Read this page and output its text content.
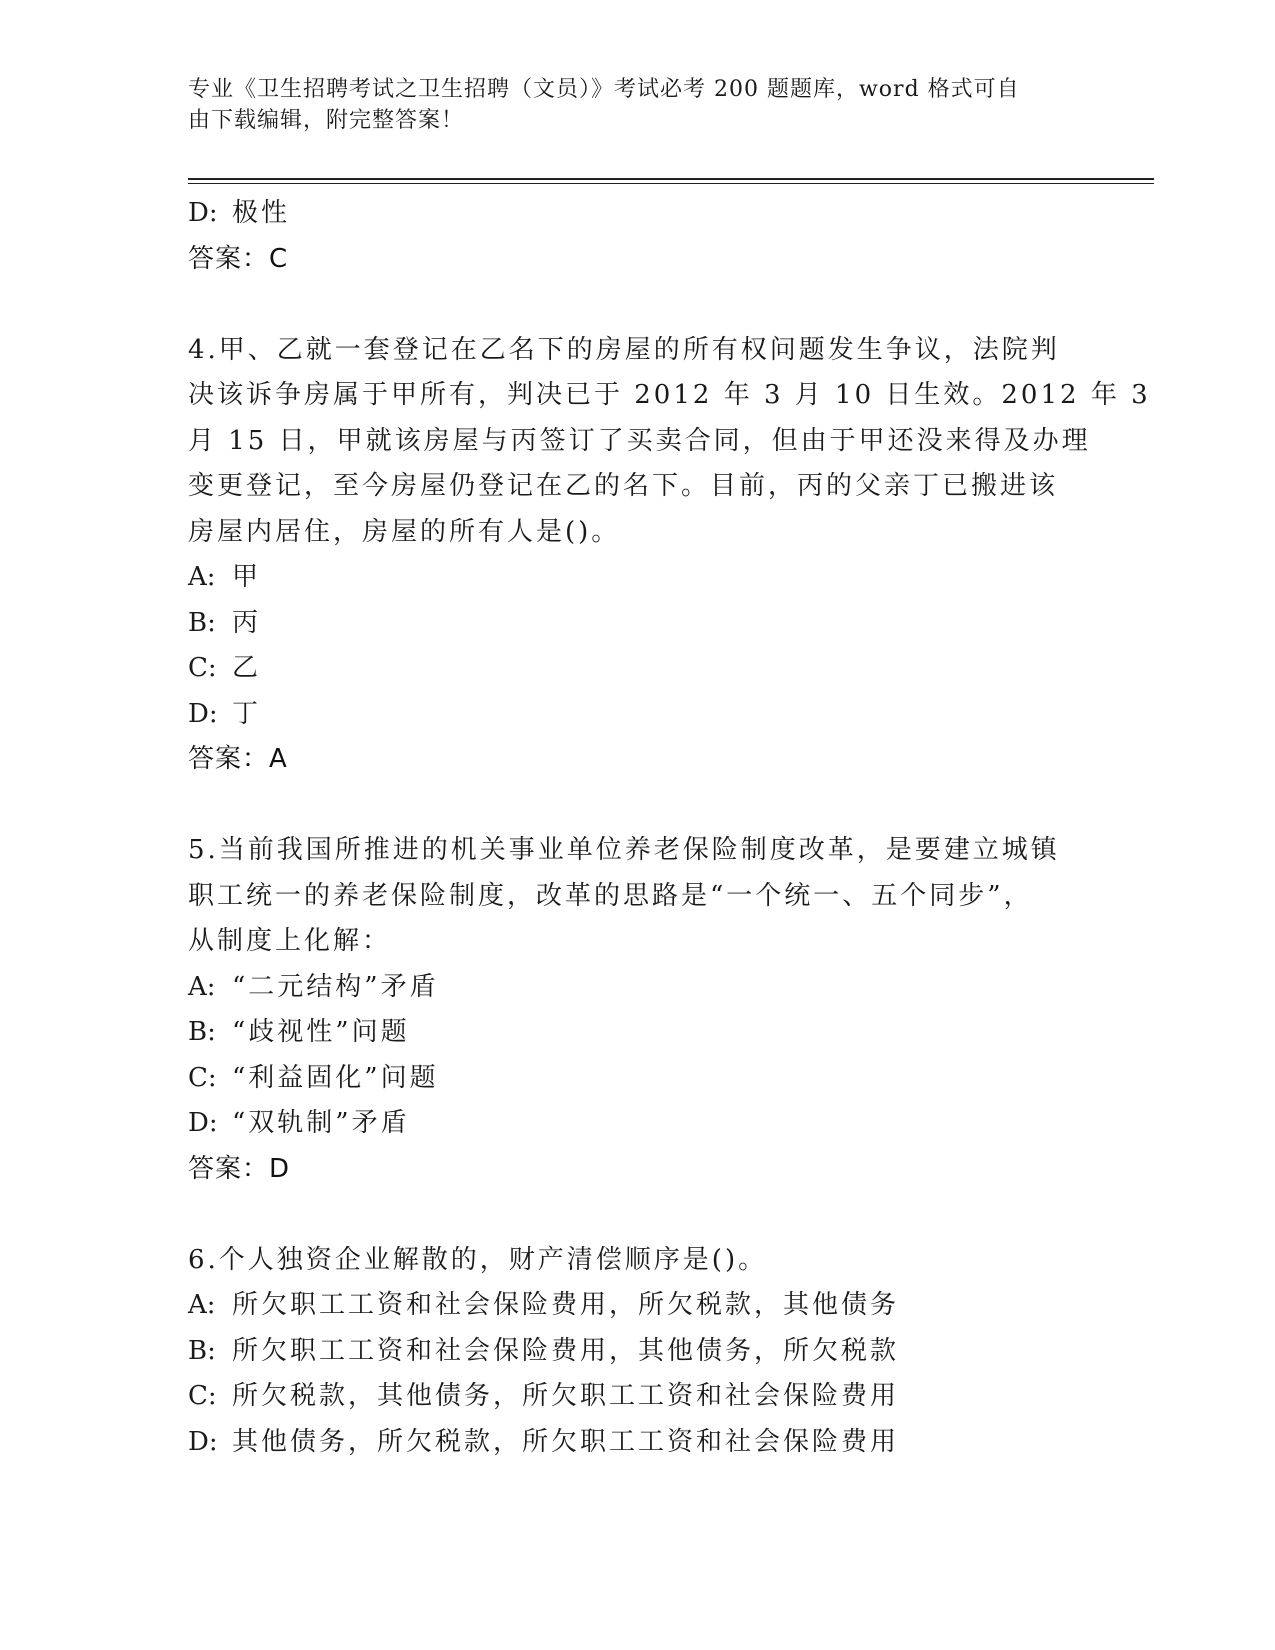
专业《卫生招聘考试之卫生招聘（文员）》考试必考 200 题题库，word 格式可自
由下载编辑，附完整答案！
D: 极性
答案：C
4.甲、乙就一套登记在乙名下的房屋的所有权问题发生争议，法院判
决该诉争房属于甲所有，判决已于 2012 年 3 月 10 日生效。2012 年 3
月 15 日，甲就该房屋与丙签订了买卖合同，但由于甲还没来得及办理
变更登记，至今房屋仍登记在乙的名下。目前，丙的父亲丁已搬进该
房屋内居住，房屋的所有人是()。
A: 甲
B: 丙
C: 乙
D: 丁
答案：A
5.当前我国所推进的机关事业单位养老保险制度改革，是要建立城镇
职工统一的养老保险制度，改革的思路是“一个统一、五个同步”，
从制度上化解：
A: “二元结构”矛盾
B: “歧视性”问题
C: “利益固化”问题
D: “双轨制”矛盾
答案：D
6.个人独资企业解散的，财产清偿顺序是()。
A: 所欠职工工资和社会保险费用，所欠税款，其他债务
B: 所欠职工工资和社会保险费用，其他债务，所欠税款
C: 所欠税款，其他债务，所欠职工工资和社会保险费用
D: 其他债务，所欠税款，所欠职工工资和社会保险费用
